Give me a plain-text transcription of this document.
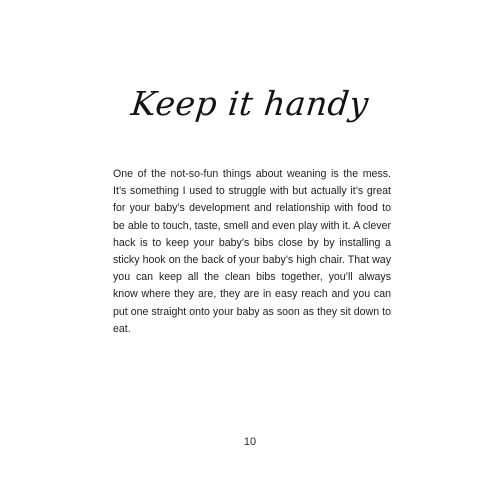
Keep it handy

One of the not-so-fun things about weaning is the mess. It’s something I used to struggle with but actually it’s great for your baby’s development and relationship with food to be able to touch, taste, smell and even play with it. A clever hack is to keep your baby’s bibs close by by installing a sticky hook on the back of your baby’s high chair. That way you can keep all the clean bibs together, you’ll always know where they are, they are in easy reach and you can put one straight onto your baby as soon as they sit down to eat.

10
